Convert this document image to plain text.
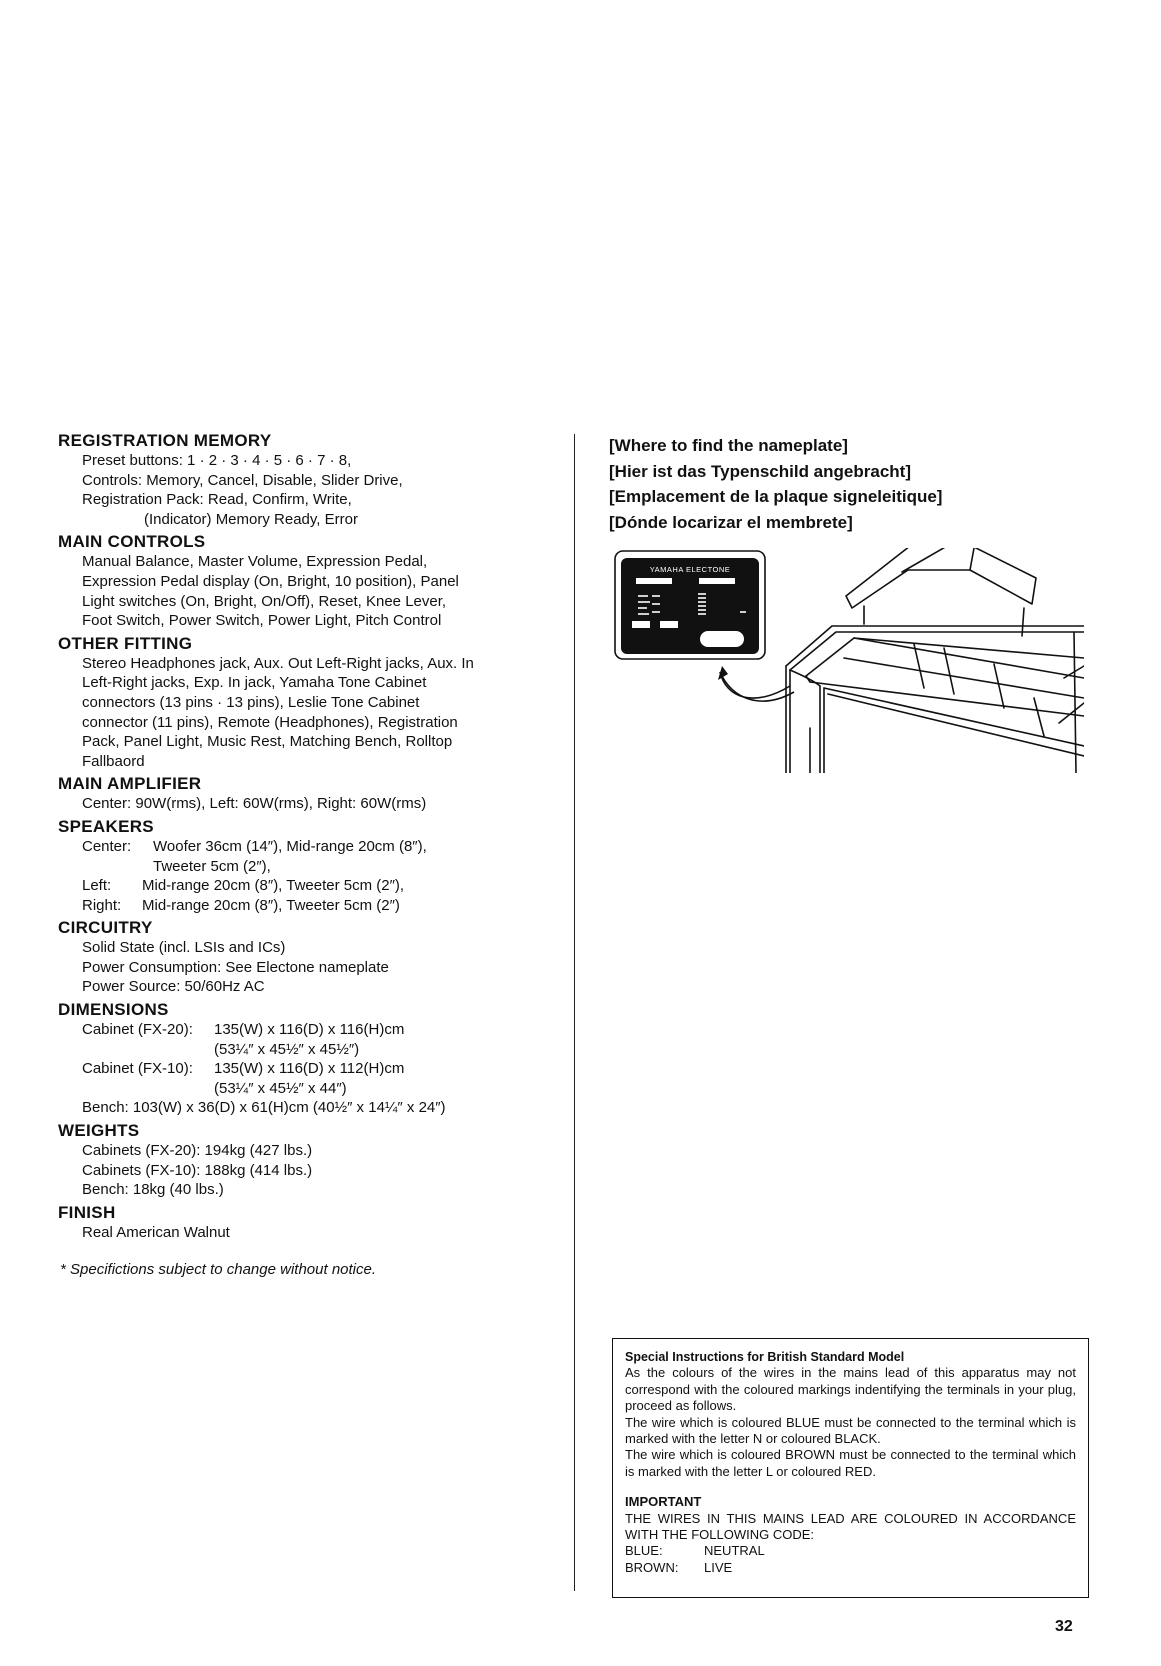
REGISTRATION MEMORY
Preset buttons: 1 · 2 · 3 · 4 · 5 · 6 · 7 · 8,
Controls: Memory, Cancel, Disable, Slider Drive,
Registration Pack: Read, Confirm, Write,
(Indicator) Memory Ready, Error
MAIN CONTROLS
Manual Balance, Master Volume, Expression Pedal,
Expression Pedal display (On, Bright, 10 position), Panel
Light switches (On, Bright, On/Off), Reset, Knee Lever,
Foot Switch, Power Switch, Power Light, Pitch Control
OTHER FITTING
Stereo Headphones jack, Aux. Out Left-Right jacks, Aux. In
Left-Right jacks, Exp. In jack, Yamaha Tone Cabinet
connectors (13 pins · 13 pins), Leslie Tone Cabinet
connector (11 pins), Remote (Headphones), Registration
Pack, Panel Light, Music Rest, Matching Bench, Rolltop
Fallbaord
MAIN AMPLIFIER
Center: 90W(rms), Left: 60W(rms), Right: 60W(rms)
SPEAKERS
Center:	Woofer 36cm (14″), Mid-range 20cm (8″),
Tweeter 5cm (2″),
Left:	Mid-range 20cm (8″), Tweeter 5cm (2″),
Right:	Mid-range 20cm (8″), Tweeter 5cm (2″)
CIRCUITRY
Solid State (incl. LSIs and ICs)
Power Consumption: See Electone nameplate
Power Source: 50/60Hz AC
DIMENSIONS
Cabinet (FX-20):	135(W) x 116(D) x 116(H)cm
(53¼″ x 45½″ x 45½″)
Cabinet (FX-10):	135(W) x 116(D) x 112(H)cm
(53¼″ x 45½″ x 44″)
Bench: 103(W) x 36(D) x 61(H)cm (40½″ x 14¼″ x 24″)
WEIGHTS
Cabinets (FX-20): 194kg (427 lbs.)
Cabinets (FX-10): 188kg (414 lbs.)
Bench: 18kg (40 lbs.)
FINISH
Real American Walnut
* Specifictions subject to change without notice.
[Where to find the nameplate]
[Hier ist das Typenschild angebracht]
[Emplacement de la plaque signeleitique]
[Dónde locarizar el membrete]
YAMAHA ELECTONE
Special Instructions for British Standard Model

As the colours of the wires in the mains lead of this apparatus may not correspond with the coloured markings indentifying the terminals in your plug, proceed as follows.

The wire which is coloured BLUE must be connected to the terminal which is marked with the letter N or coloured BLACK.

The wire which is coloured BROWN must be connected to the terminal which is marked with the letter L or coloured RED.

IMPORTANT

THE WIRES IN THIS MAINS LEAD ARE COLOURED IN ACCORDANCE WITH THE FOLLOWING CODE:

BLUE:	NEUTRAL
BROWN:	LIVE
32
